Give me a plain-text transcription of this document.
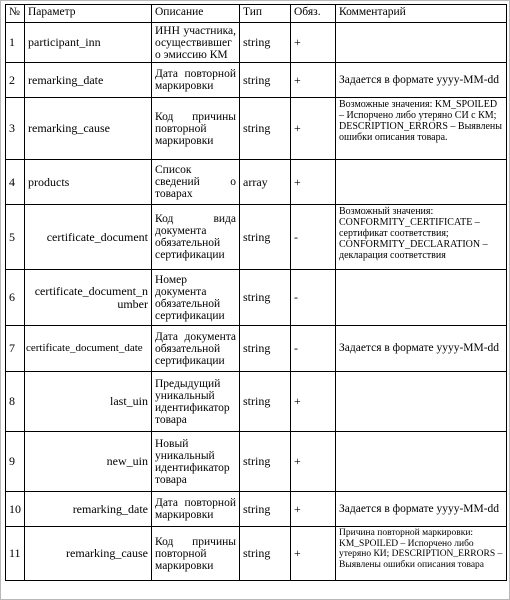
№	Параметр	Описание	Тип	Обяз.	Комментарий
1	participant_inn	ИНН участника, осуществившег о эмиссию КМ	string	+	
2	remarking_date	Дата повторной маркировки	string	+	Задается в формате yyyy-MM-dd
3	remarking_cause	Код причины повторной маркировки	string	+	Возможные значения: KM_SPOILED – Испорчено либо утеряно СИ с КМ; DESCRIPTION_ERRORS – Выявлены ошибки описания товара.
4	products	Список сведений о товарах	array	+	
5	certificate_document	Код вида документа обязательной сертификации	string	-	Возможный значения: CONFORMITY_CERTIFICATE – сертификат соответствия; CONFORMITY_DECLARATION – декларация соответствия
6	certificate_document_n umber	Номер документа обязательной сертификации	string	-	
7	certificate_document_date	Дата документа обязательной сертификации	string	-	Задается в формате yyyy-MM-dd
8	last_uin	Предыдущий уникальный идентификатор товара	string	+	
9	new_uin	Новый уникальный идентификатор товара	string	+	
10	remarking_date	Дата повторной маркировки	string	+	Задается в формате yyyy-MM-dd
11	remarking_cause	Код причины повторной маркировки	string	+	Причина повторной маркировки: KM_SPOILED – Испорчено либо утеряно КИ; DESCRIPTION_ERRORS – Выявлены ошибки описания товара
